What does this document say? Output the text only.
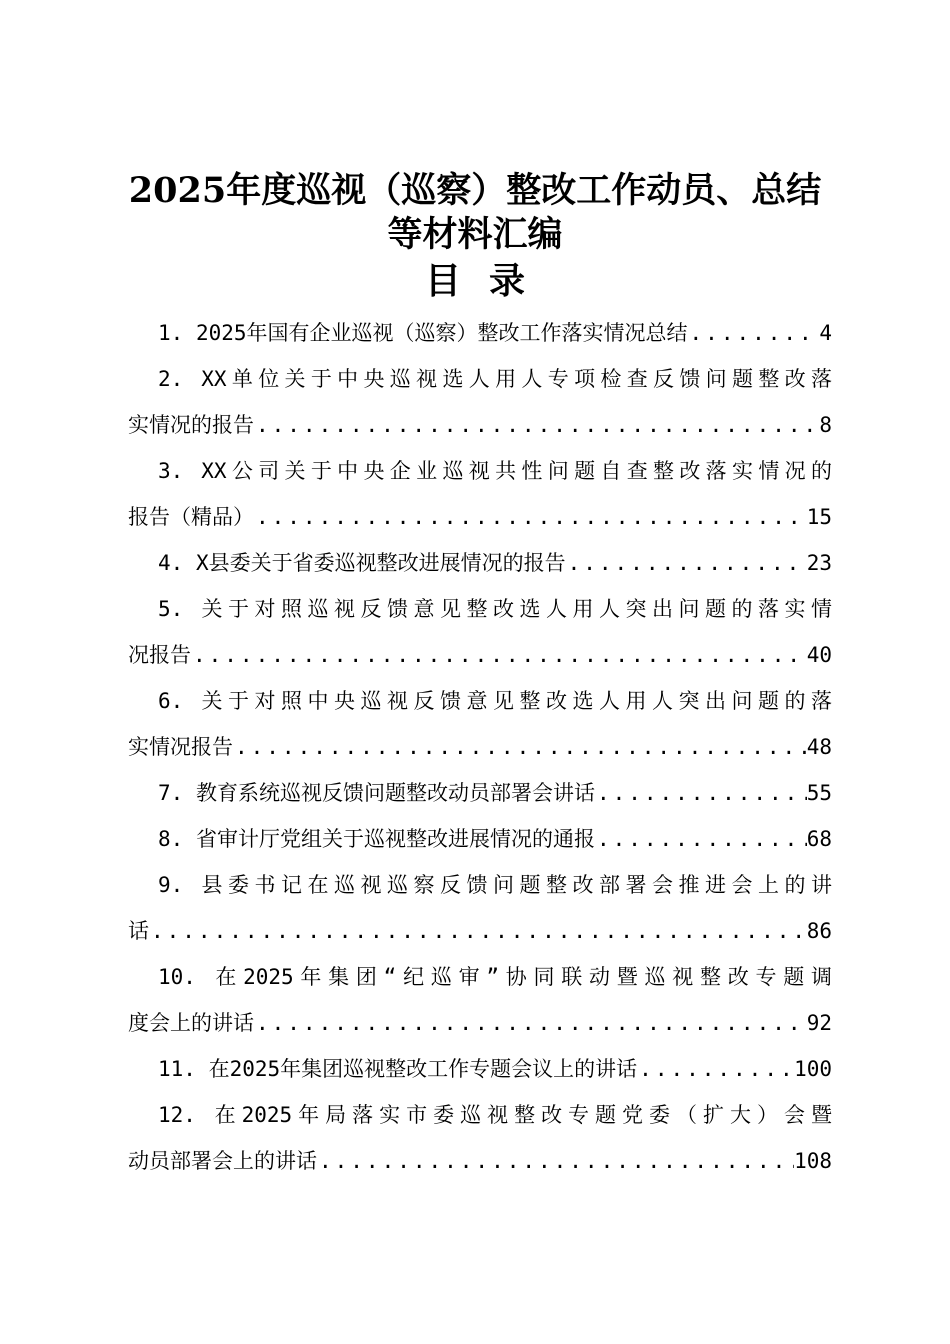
2025年度巡视（巡察）整改工作动员、总结
等材料汇编
目录
1. 2025年国有企业巡视（巡察）整改工作落实情况总结 .....	4
2. XX单位关于中央巡视选人用人专项检查反馈问题整改落
实情况的报告 .....	8
3. XX公司关于中央企业巡视共性问题自查整改落实情况的
报告（精品） .....	15
4. X县委关于省委巡视整改进展情况的报告 .....	23
5. 关于对照巡视反馈意见整改选人用人突出问题的落实情
况报告 .....	40
6. 关于对照中央巡视反馈意见整改选人用人突出问题的落
实情况报告 .....	48
7. 教育系统巡视反馈问题整改动员部署会讲话 .....	55
8. 省审计厅党组关于巡视整改进展情况的通报 .....	68
9. 县委书记在巡视巡察反馈问题整改部署会推进会上的讲
话 .....	86
10. 在2025年集团“纪巡审”协同联动暨巡视整改专题调
度会上的讲话 .....	92
11. 在2025年集团巡视整改工作专题会议上的讲话 .....	100
12. 在2025年局落实市委巡视整改专题党委（扩大）会暨
动员部署会上的讲话 .....	108
